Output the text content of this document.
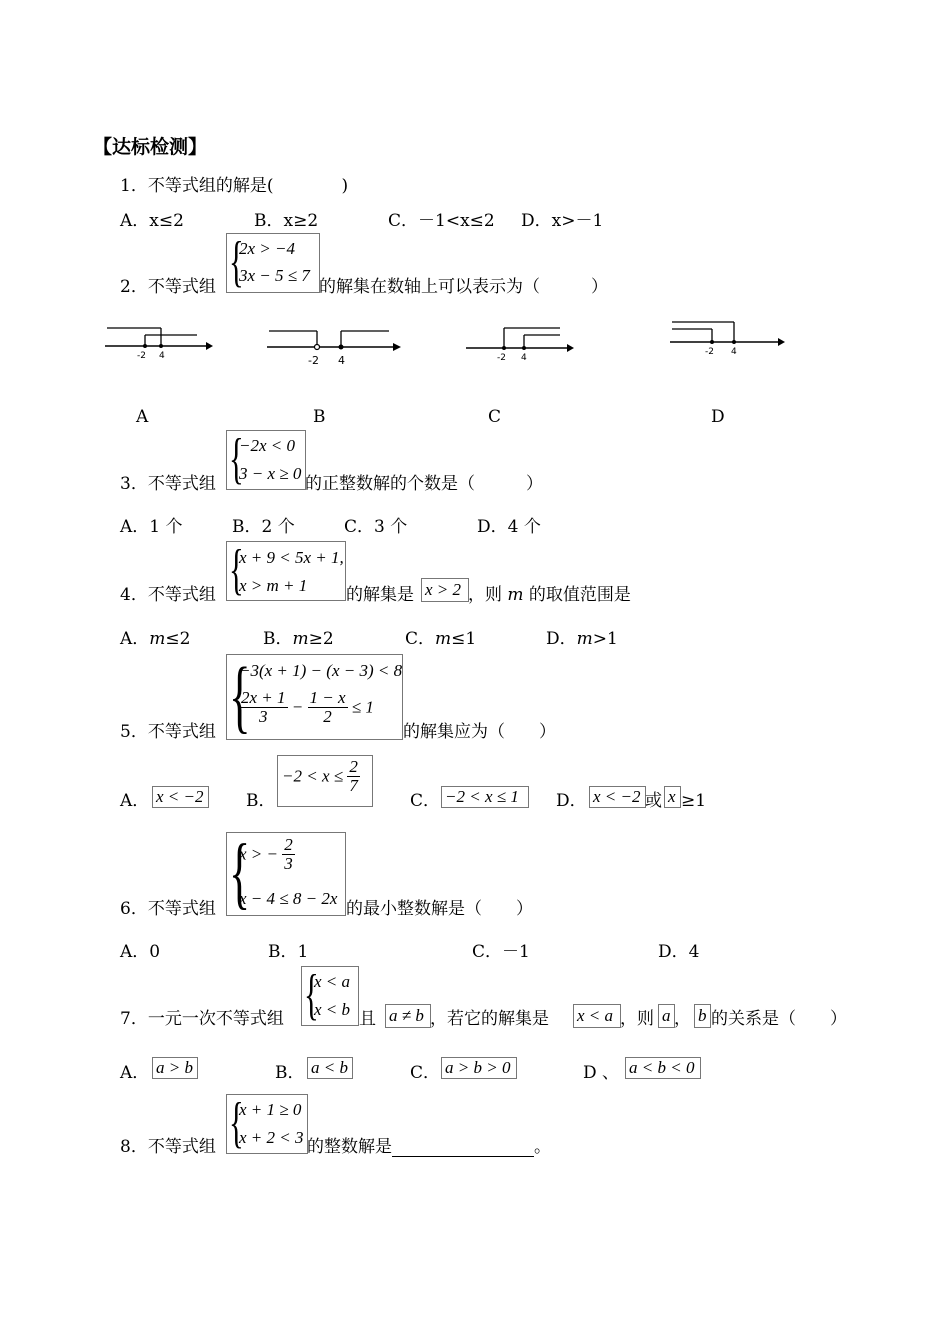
【达标检测】
1．不等式组的解是(　　　　)
A．x≤2	B．x≥2	C．－1<x≤2 D．x>－1
{
2x > −4
3x − 5 ≤ 7
2．不等式组	的解集在数轴上可以表示为（　　　）
-2 4	-2 4	-2 4
-2 4
A	B	C	D
{
−2x < 0
3 − x ≥ 0
3．不等式组	的正整数解的个数是（　　　）
A．1 个	B．2 个	C．3 个	D．4 个
{
x + 9 < 5x + 1,
x > m + 1
4．不等式组	的解集是 x > 2 ，则 m 的取值范围是
A．m≤2	B．m≥2	C．m≤1	D．m>1
{
−3(x + 1) − (x − 3) < 8
$\frac{2x + 1}{3} - \frac{1 - x}{2} \le 1$
5．不等式组	的解集应为（　　）
A． x < −2	B．
$-2 < x \le \frac{2}{7}$
C． −2 < x ≤ 1 D． x < −2 或 x ≥1
{
x > − $\frac{2}{3}$
x − 4 ≤ 8 − 2x
6．不等式组	的最小整数解是（　　）
A．0	B．1	C．－1	D．4
{
x < a
x < b
7．一元一次不等式组	且 a ≠ b ，若它的解集是 x < a ，则 a ， b 的关系是（　　）
A． a > b	B． a < b	C． a > b > 0	D 、 a < b < 0
{
x + 1 ≥ 0
x + 2 < 3
8．不等式组	的整数解是	。
